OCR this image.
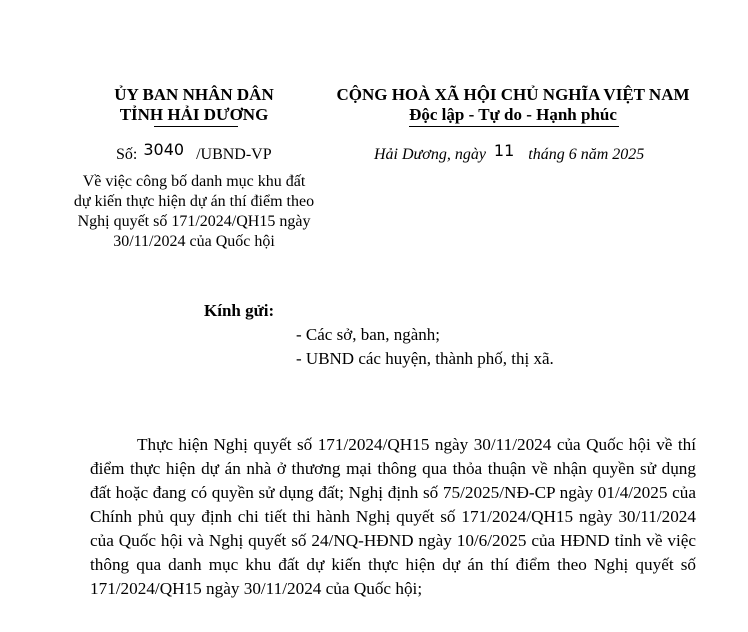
ỦY BAN NHÂN DÂN
TỈNH HẢI DƯƠNG
CỘNG HOÀ XÃ HỘI CHỦ NGHĨA VIỆT NAM
Độc lập - Tự do - Hạnh phúc
Số: 3040 /UBND-VP	Hải Dương, ngày 11 tháng 6 năm 2025
Về việc công bố danh mục khu đất
dự kiến thực hiện dự án thí điểm theo
Nghị quyết số 171/2024/QH15 ngày
30/11/2024 của Quốc hội
Kính gửi:
- Các sở, ban, ngành;
- UBND các huyện, thành phố, thị xã.
Thực hiện Nghị quyết số 171/2024/QH15 ngày 30/11/2024 của Quốc hội về thí điểm thực hiện dự án nhà ở thương mại thông qua thỏa thuận về nhận quyền sử dụng đất hoặc đang có quyền sử dụng đất; Nghị định số 75/2025/NĐ-CP ngày 01/4/2025 của Chính phủ quy định chi tiết thi hành Nghị quyết số 171/2024/QH15 ngày 30/11/2024 của Quốc hội và Nghị quyết số 24/NQ-HĐND ngày 10/6/2025 của HĐND tỉnh về việc thông qua danh mục khu đất dự kiến thực hiện dự án thí điểm theo Nghị quyết số 171/2024/QH15 ngày 30/11/2024 của Quốc hội;
